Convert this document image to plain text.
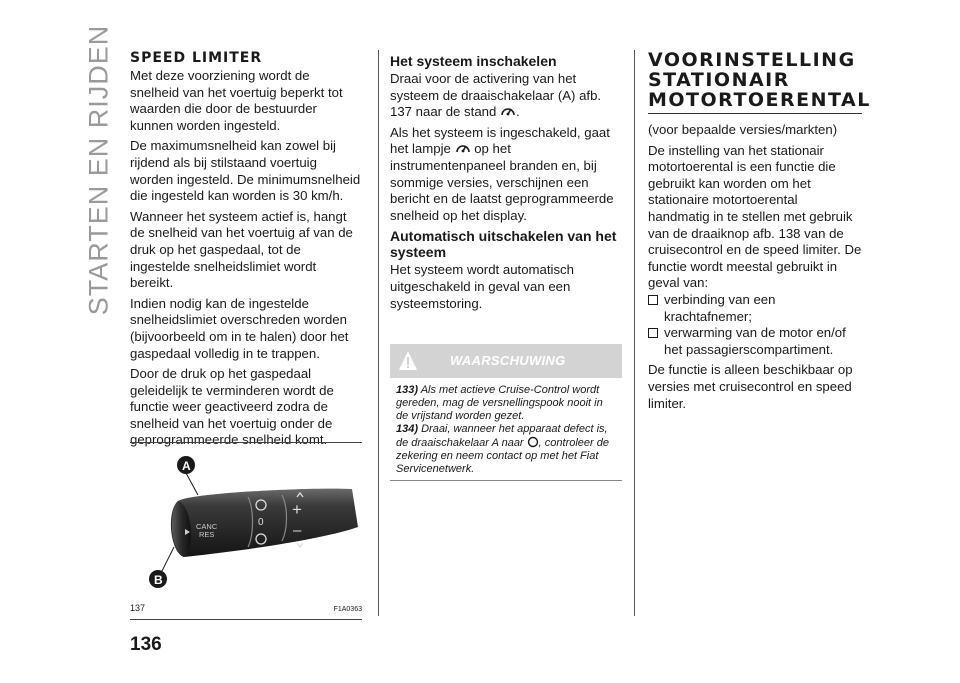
STARTEN EN RIJDEN SPEED LIMITER

Met deze voorziening wordt de snelheid van het voertuig beperkt tot waarden die door de bestuurder kunnen worden ingesteld.

De maximumsnelheid kan zowel bij rijdend als bij stilstaand voertuig worden ingesteld. De minimumsnelheid die ingesteld kan worden is 30 km/h.

Wanneer het systeem actief is, hangt de snelheid van het voertuig af van de druk op het gaspedaal, tot de ingestelde snelheidslimiet wordt bereikt.

Indien nodig kan de ingestelde snelheidslimiet overschreden worden (bijvoorbeeld om in te halen) door het gaspedaal volledig in te trappen.

Door de druk op het gaspedaal geleidelijk te verminderen wordt de functie weer geactiveerd zodra de snelheid van het voertuig onder de geprogrammeerde snelheid komt.

CANC
RES
0
+
–
A
B
137	F1A0363
Het systeem inschakelen

Draai voor de activering van het systeem de draaischakelaar (A) afb. 137 naar de stand .

Als het systeem is ingeschakeld, gaat het lampje op het instrumentenpaneel branden en, bij sommige versies, verschijnen een bericht en de laatst geprogrammeerde snelheid op het display.

Automatisch uitschakelen van het systeem

Het systeem wordt automatisch uitgeschakeld in geval van een systeemstoring.

WAARSCHUWING
133) Als met actieve Cruise-Control wordt gereden, mag de versnellingspook nooit in de vrijstand worden gezet.
134) Draai, wanneer het apparaat defect is, de draaischakelaar A naar , controleer de zekering en neem contact op met het Fiat Servicenetwerk.
VOORINSTELLING STATIONAIR MOTORTOERENTAL

(voor bepaalde versies/markten)

De instelling van het stationair motortoerental is een functie die gebruikt kan worden om het stationaire motortoerental handmatig in te stellen met gebruik van de draaiknop afb. 138 van de cruisecontrol en de speed limiter. De functie wordt meestal gebruikt in geval van:

verbinding van een krachtafnemer;
verwarming van de motor en/of het passagierscompartiment.

De functie is alleen beschikbaar op versies met cruisecontrol en speed limiter.

136
